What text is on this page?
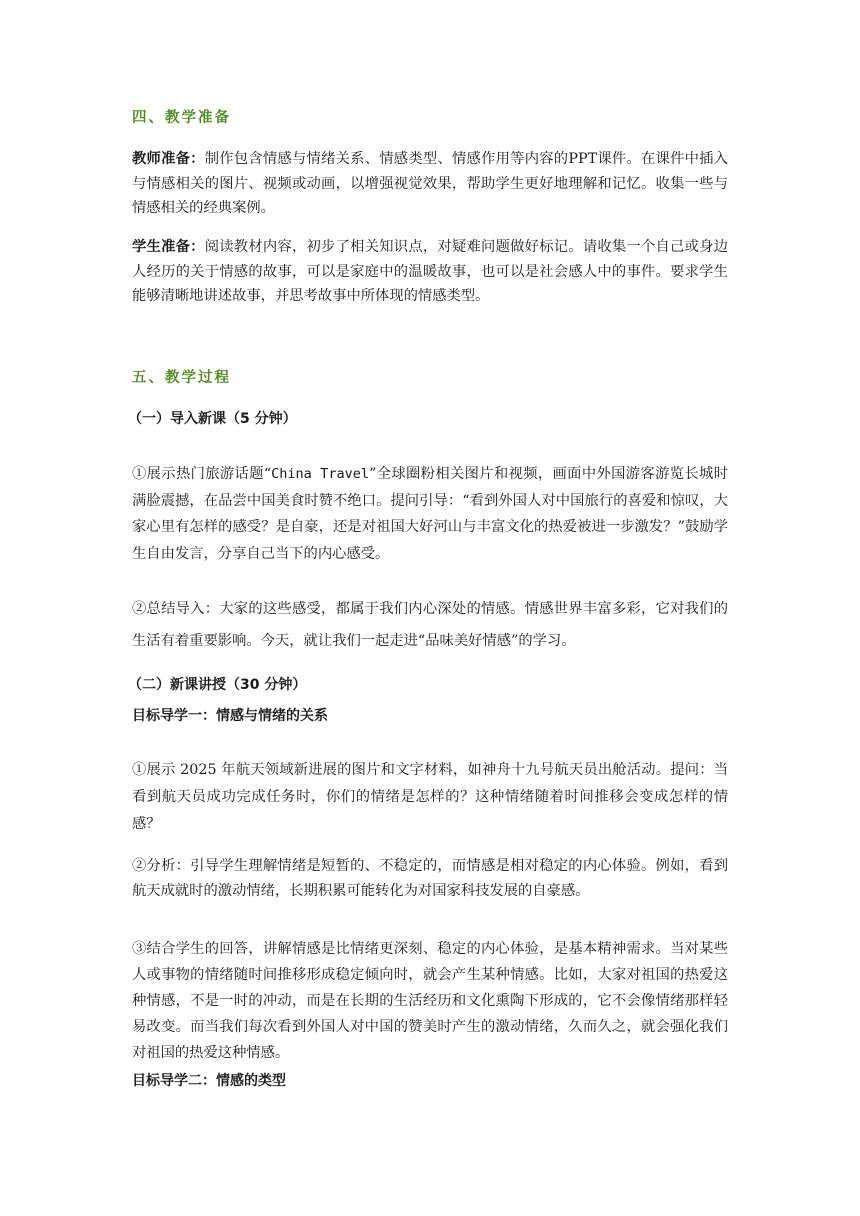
四、教学准备
教师准备：制作包含情感与情绪关系、情感类型、情感作用等内容的PPT课件。在课件中插入与情感相关的图片、视频或动画，以增强视觉效果，帮助学生更好地理解和记忆。收集一些与情感相关的经典案例。
学生准备：阅读教材内容，初步了相关知识点，对疑难问题做好标记。请收集一个自己或身边人经历的关于情感的故事，可以是家庭中的温暖故事，也可以是社会感人中的事件。要求学生能够清晰地讲述故事，并思考故事中所体现的情感类型。
五、教学过程
（一）导入新课（5 分钟）
①展示热门旅游话题“China Travel”全球圈粉相关图片和视频，画面中外国游客游览长城时满脸震撼，在品尝中国美食时赞不绝口。提问引导：“看到外国人对中国旅行的喜爱和惊叹，大家心里有怎样的感受？是自豪，还是对祖国大好河山与丰富文化的热爱被进一步激发？”鼓励学生自由发言，分享自己当下的内心感受。
②总结导入：大家的这些感受，都属于我们内心深处的情感。情感世界丰富多彩，它对我们的生活有着重要影响。今天，就让我们一起走进“品味美好情感”的学习。
（二）新课讲授（30 分钟）
目标导学一：情感与情绪的关系
①展示 2025 年航天领域新进展的图片和文字材料，如神舟十九号航天员出舱活动。提问：当看到航天员成功完成任务时，你们的情绪是怎样的？这种情绪随着时间推移会变成怎样的情感？
②分析：引导学生理解情绪是短暂的、不稳定的，而情感是相对稳定的内心体验。例如，看到航天成就时的激动情绪，长期积累可能转化为对国家科技发展的自豪感。
③结合学生的回答，讲解情感是比情绪更深刻、稳定的内心体验，是基本精神需求。当对某些人或事物的情绪随时间推移形成稳定倾向时，就会产生某种情感。比如，大家对祖国的热爱这种情感，不是一时的冲动，而是在长期的生活经历和文化熏陶下形成的，它不会像情绪那样轻易改变。而当我们每次看到外国人对中国的赞美时产生的激动情绪，久而久之，就会强化我们对祖国的热爱这种情感。
目标导学二：情感的类型
